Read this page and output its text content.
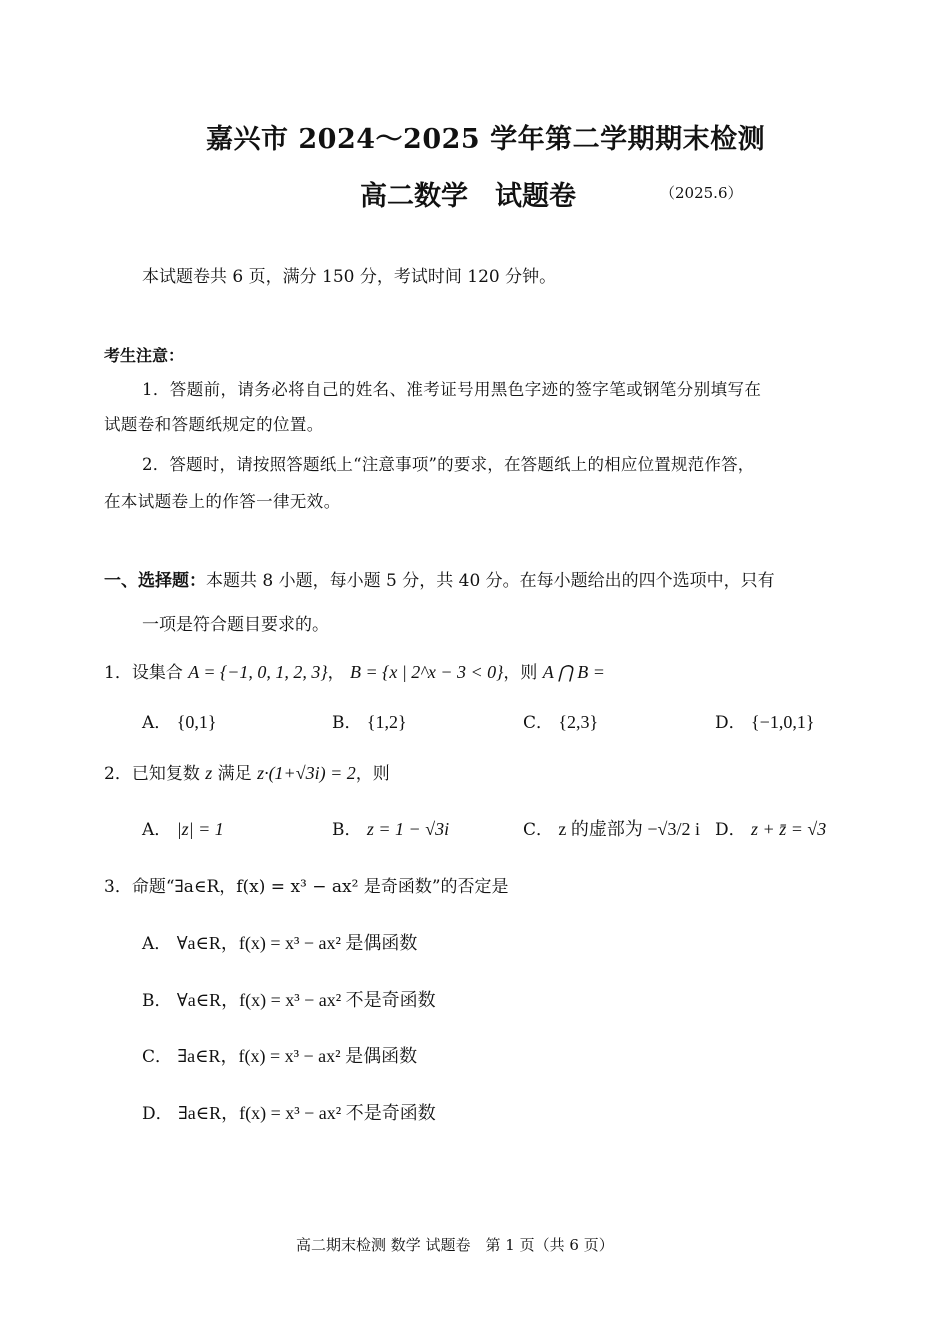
嘉兴市 2024～2025 学年第二学期期末检测
高二数学　试题卷	（2025.6）
本试题卷共 6 页，满分 150 分，考试时间 120 分钟。
考生注意：
1．答题前，请务必将自己的姓名、准考证号用黑色字迹的签字笔或钢笔分别填写在
试题卷和答题纸规定的位置。
2．答题时，请按照答题纸上“注意事项”的要求，在答题纸上的相应位置规范作答，
在本试题卷上的作答一律无效。
一、选择题：本题共 8 小题，每小题 5 分，共 40 分。在每小题给出的四个选项中，只有
一项是符合题目要求的。
1．设集合 A = {−1, 0, 1, 2, 3}， B = {x | 2^x − 3 < 0}，则 A ⋂ B =
A． {0,1}	B． {1,2}	C． {2,3}	D． {−1,0,1}
2．已知复数 z 满足 z·(1+√3i) = 2，则
A． |z| = 1	B． z = 1 − √3i	C． z 的虚部为 −√3/2 i D． z + z̄ = √3
3．命题“∃a∈R，f(x) = x³ − ax² 是奇函数”的否定是
A． ∀a∈R，f(x) = x³ − ax² 是偶函数
B． ∀a∈R，f(x) = x³ − ax² 不是奇函数
C． ∃a∈R，f(x) = x³ − ax² 是偶函数
D． ∃a∈R，f(x) = x³ − ax² 不是奇函数
高二期末检测 数学 试题卷　第 1 页（共 6 页）
